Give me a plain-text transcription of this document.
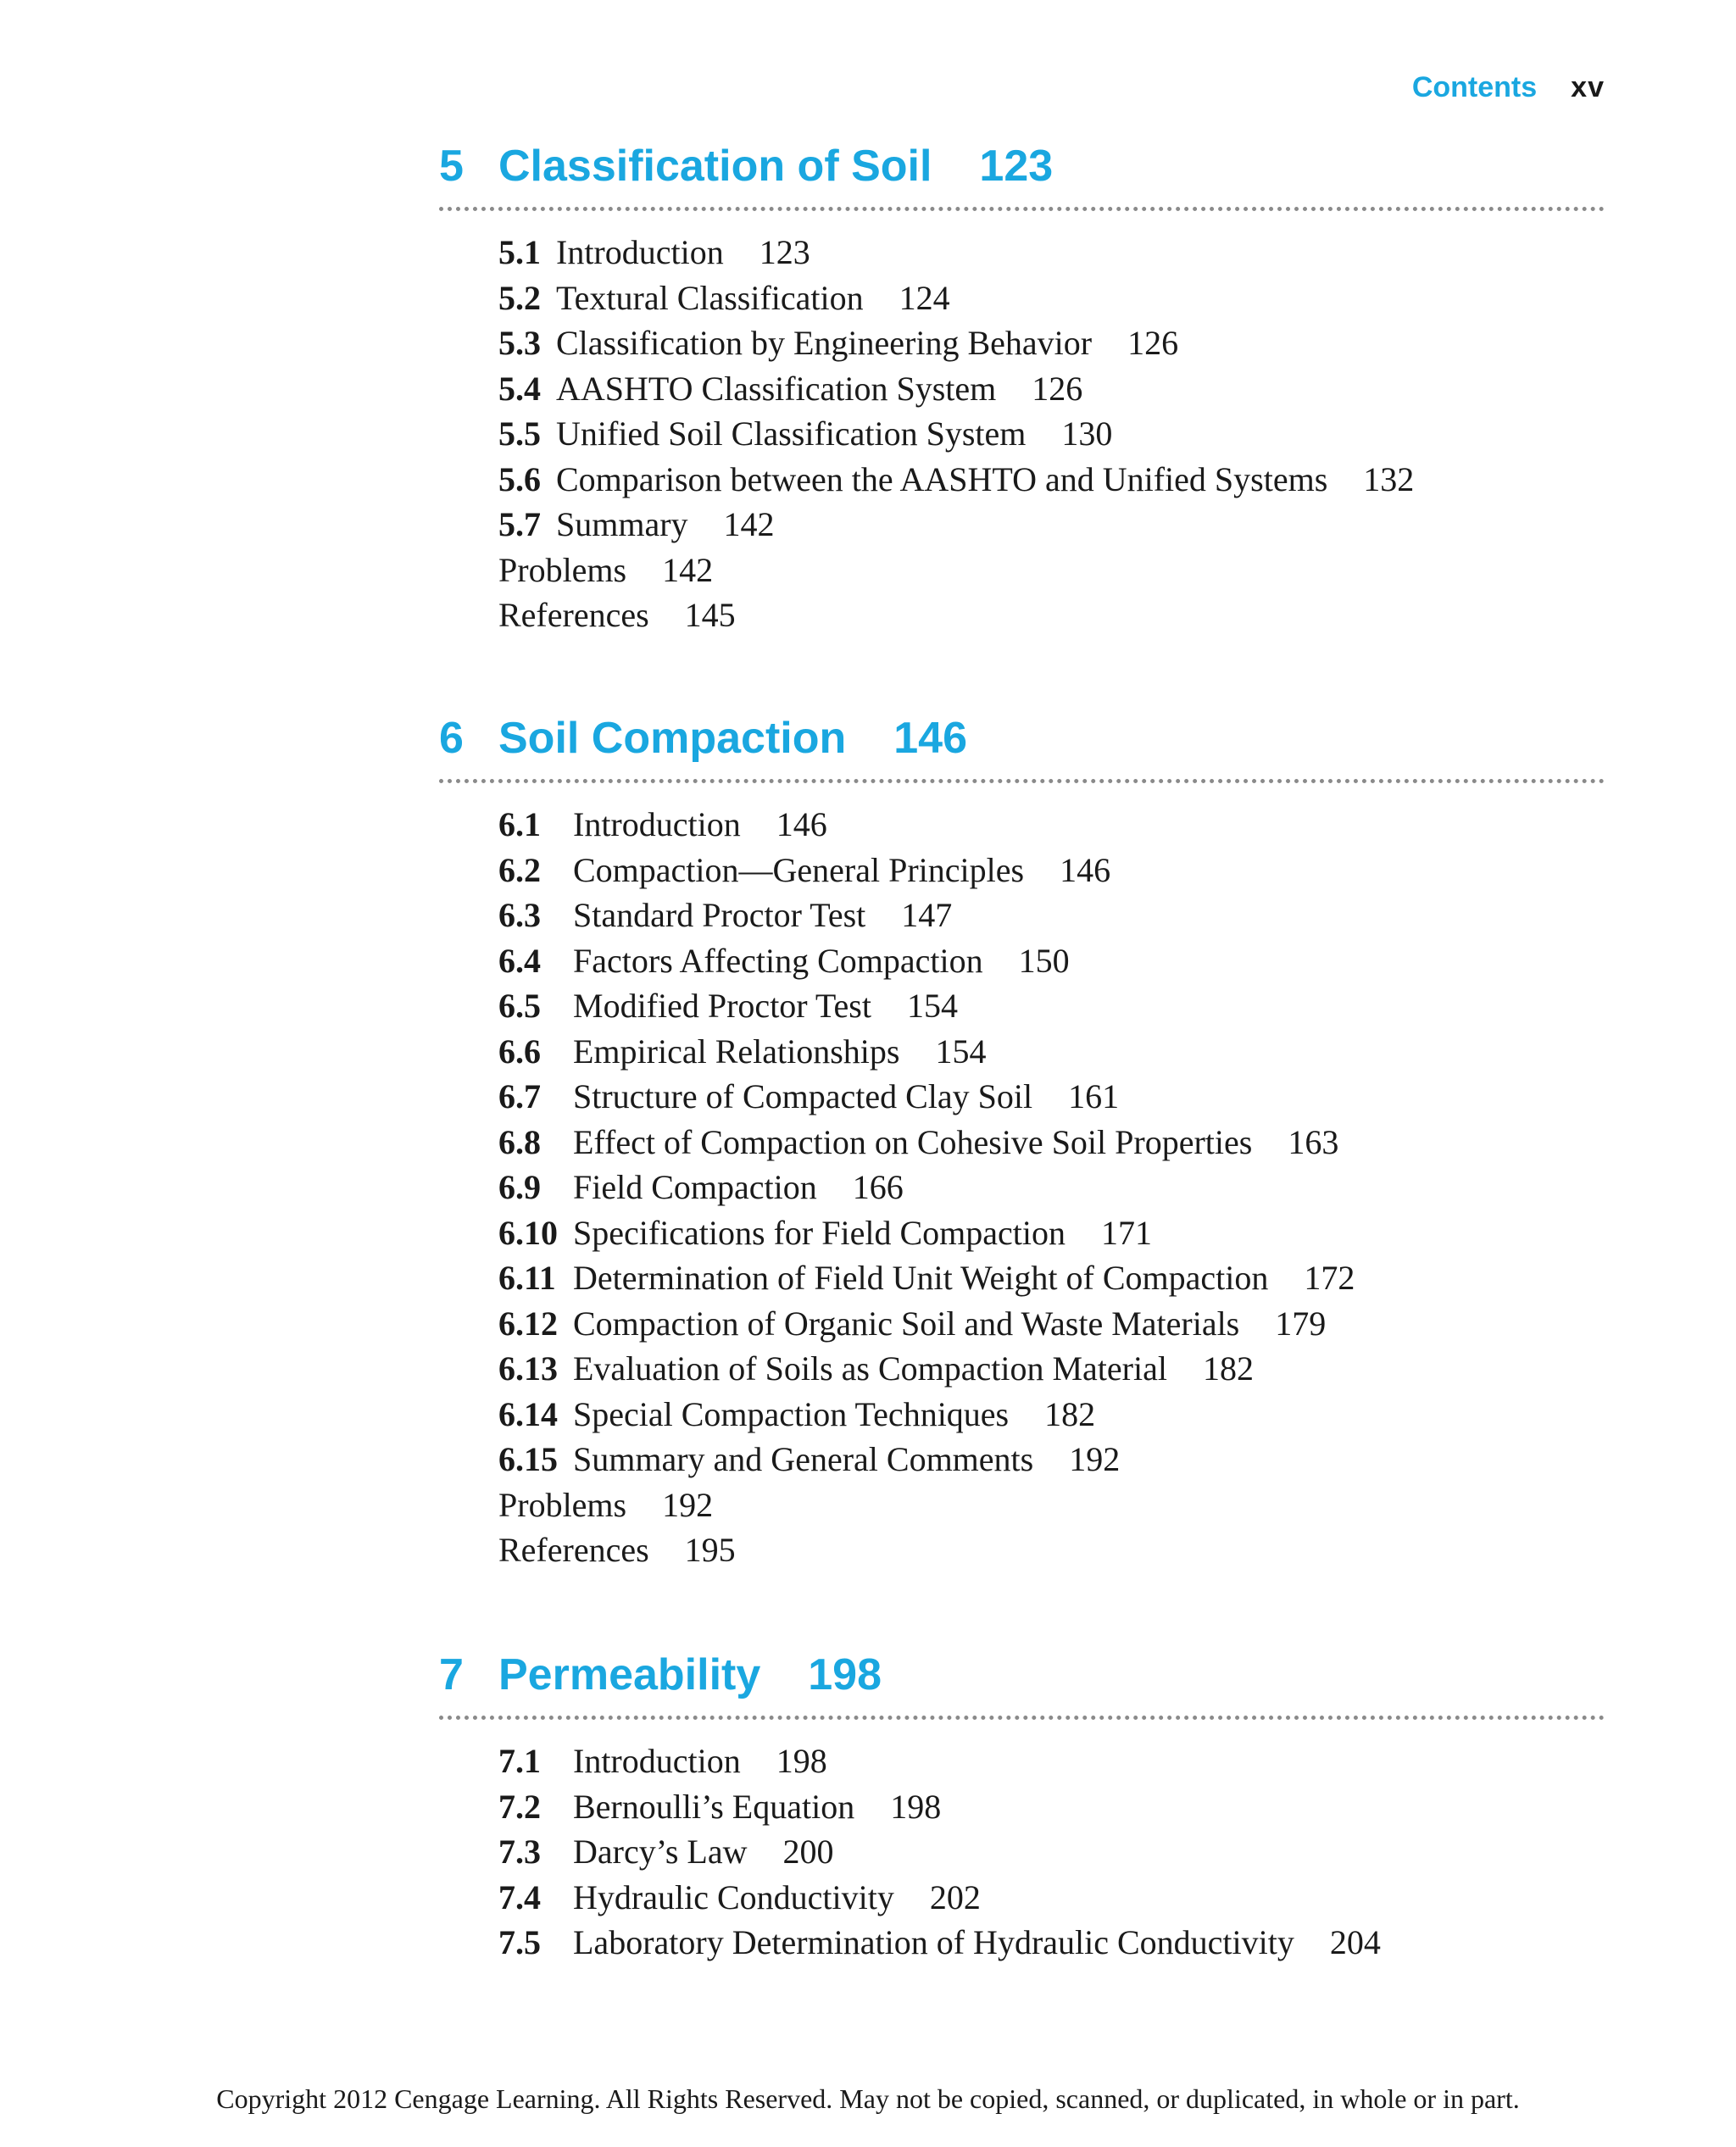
Contents xv
5 Classification of Soil 123
5.1 Introduction 123
5.2 Textural Classification 124
5.3 Classification by Engineering Behavior 126
5.4 AASHTO Classification System 126
5.5 Unified Soil Classification System 130
5.6 Comparison between the AASHTO and Unified Systems 132
5.7 Summary 142
Problems 142
References 145
6 Soil Compaction 146
6.1 Introduction 146
6.2 Compaction—General Principles 146
6.3 Standard Proctor Test 147
6.4 Factors Affecting Compaction 150
6.5 Modified Proctor Test 154
6.6 Empirical Relationships 154
6.7 Structure of Compacted Clay Soil 161
6.8 Effect of Compaction on Cohesive Soil Properties 163
6.9 Field Compaction 166
6.10 Specifications for Field Compaction 171
6.11 Determination of Field Unit Weight of Compaction 172
6.12 Compaction of Organic Soil and Waste Materials 179
6.13 Evaluation of Soils as Compaction Material 182
6.14 Special Compaction Techniques 182
6.15 Summary and General Comments 192
Problems 192
References 195
7 Permeability 198
7.1 Introduction 198
7.2 Bernoulli’s Equation 198
7.3 Darcy’s Law 200
7.4 Hydraulic Conductivity 202
7.5 Laboratory Determination of Hydraulic Conductivity 204
Copyright 2012 Cengage Learning. All Rights Reserved. May not be copied, scanned, or duplicated, in whole or in part.
